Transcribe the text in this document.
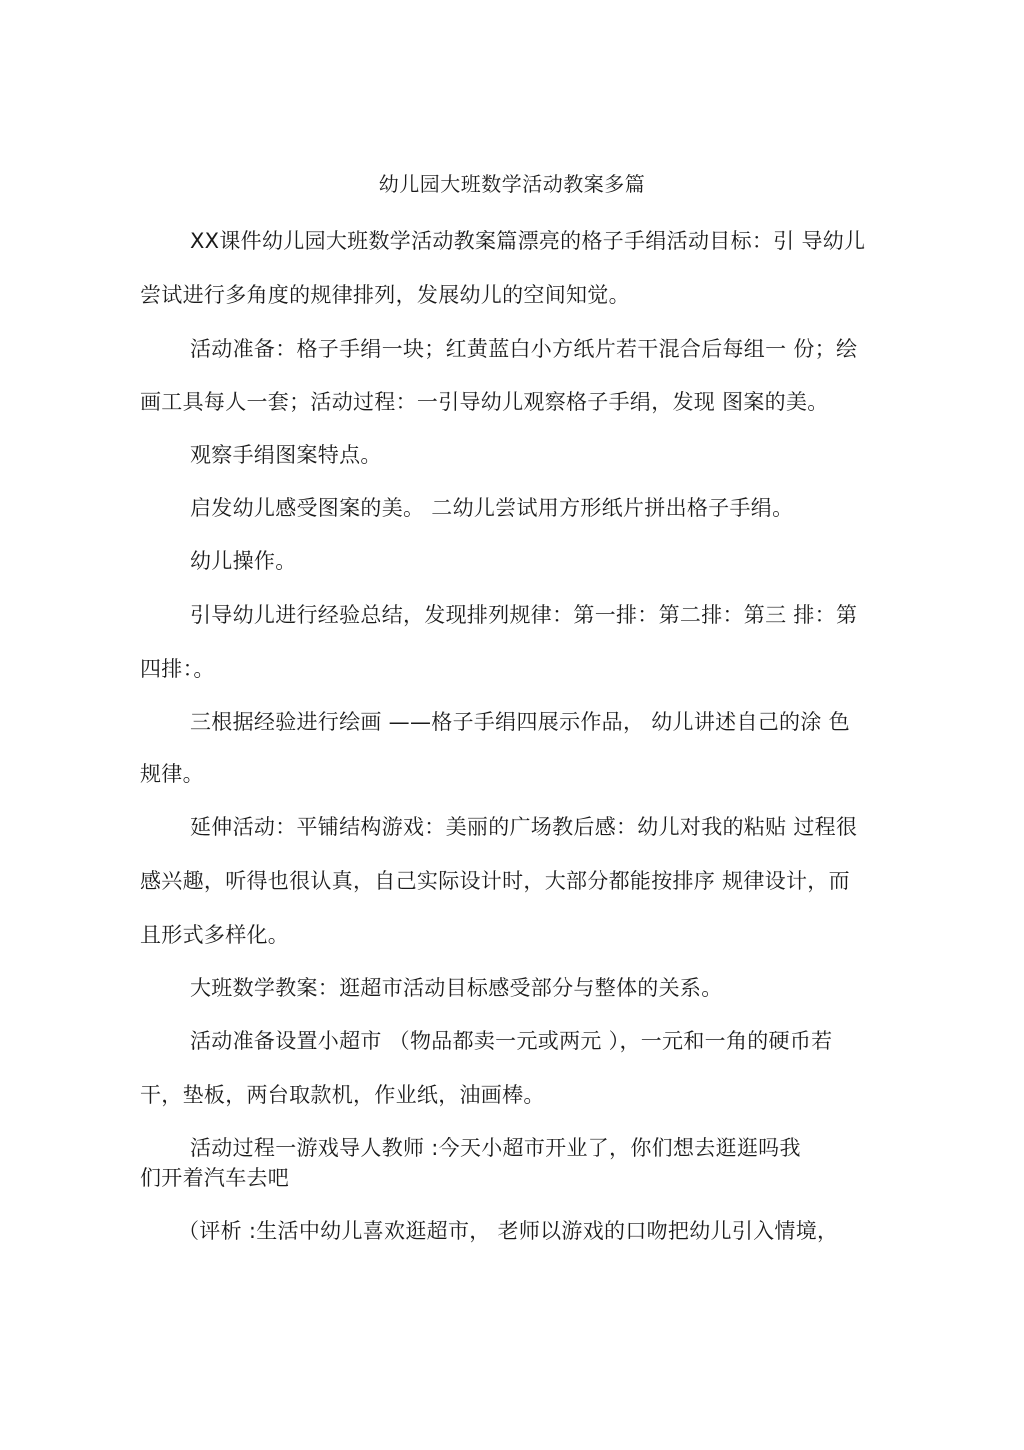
幼儿园大班数学活动教案多篇
XX课件幼儿园大班数学活动教案篇漂亮的格子手绢活动目标：引 导幼儿
尝试进行多角度的规律排列，发展幼儿的空间知觉。
活动准备：格子手绢一块；红黄蓝白小方纸片若干混合后每组一 份；绘
画工具每人一套；活动过程：一引导幼儿观察格子手绢，发现 图案的美。
观察手绢图案特点。
启发幼儿感受图案的美。 二幼儿尝试用方形纸片拼出格子手绢。
幼儿操作。
引导幼儿进行经验总结，发现排列规律：第一排：第二排：第三 排：第
四排：。
三根据经验进行绘画 ——格子手绢四展示作品， 幼儿讲述自己的涂 色
规律。
延伸活动：平铺结构游戏：美丽的广场教后感：幼儿对我的粘贴 过程很
感兴趣，听得也很认真，自己实际设计时，大部分都能按排序 规律设计，而
且形式多样化。
大班数学教案：逛超市活动目标感受部分与整体的关系。
活动准备设置小超市 （物品都卖一元或两元 ），一元和一角的硬币若
干，垫板，两台取款机，作业纸，油画棒。
活动过程一游戏导人教师 :今天小超市开业了，你们想去逛逛吗我
们开着汽车去吧
（评析 :生活中幼儿喜欢逛超市， 老师以游戏的口吻把幼儿引入情境，
